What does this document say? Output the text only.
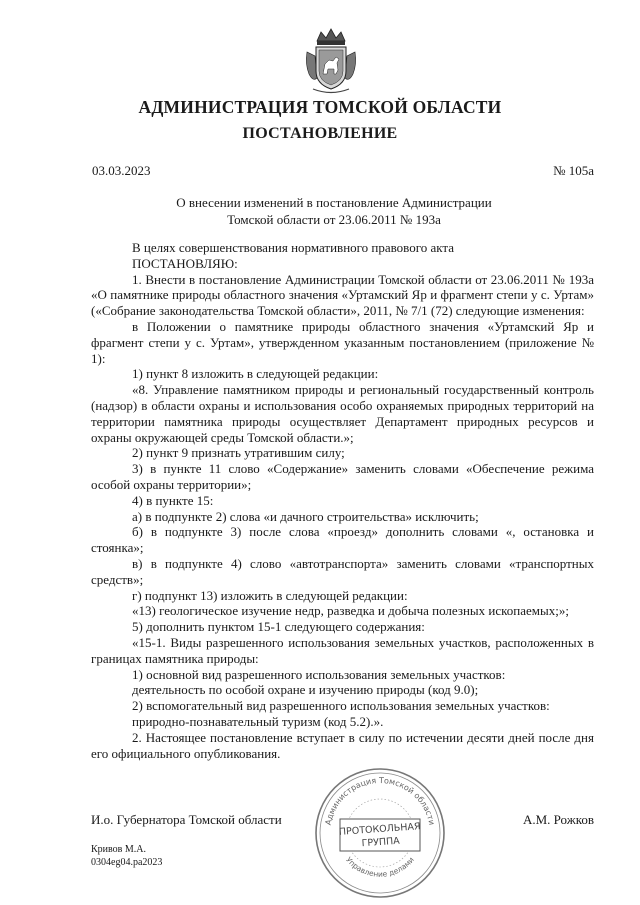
АДМИНИСТРАЦИЯ ТОМСКОЙ ОБЛАСТИ
ПОСТАНОВЛЕНИЕ
03.03.2023	№ 105а
О внесении изменений в постановление Администрации
Томской области от 23.06.2011 № 193а

В целях совершенствования нормативного правового акта

ПОСТАНОВЛЯЮ:

1. Внести в постановление Администрации Томской области от 23.06.2011 № 193а «О памятнике природы областного значения «Уртамский Яр и фрагмент степи у с. Уртам» («Собрание законодательства Томской области», 2011, № 7/1 (72) следующие изменения:

в Положении о памятнике природы областного значения «Уртамский Яр и фрагмент степи у с. Уртам», утвержденном указанным постановлением (приложение № 1):

1) пункт 8 изложить в следующей редакции:

«8. Управление памятником природы и региональный государственный контроль (надзор) в области охраны и использования особо охраняемых природных территорий на территории памятника природы осуществляет Департамент природных ресурсов и охраны окружающей среды Томской области.»;

2) пункт 9 признать утратившим силу;

3) в пункте 11 слово «Содержание» заменить словами «Обеспечение режима особой охраны территории»;

4) в пункте 15:

а) в подпункте 2) слова «и дачного строительства» исключить;

б) в подпункте 3) после слова «проезд» дополнить словами «, остановка и стоянка»;

в) в подпункте 4) слово «автотранспорта» заменить словами «транспортных средств»;

г) подпункт 13) изложить в следующей редакции:

«13) геологическое изучение недр, разведка и добыча полезных ископаемых;»;

5) дополнить пунктом 15-1 следующего содержания:

«15-1. Виды разрешенного использования земельных участков, расположенных в границах памятника природы:

1) основной вид разрешенного использования земельных участков:

деятельность по особой охране и изучению природы (код 9.0);

2) вспомогательный вид разрешенного использования земельных участков:

природно-познавательный туризм (код 5.2).».

2. Настоящее постановление вступает в силу по истечении десяти дней после дня его официального опубликования.

Администрация Томской области
Управление делами
ПРОТОКОЛЬНАЯ
ГРУППА
И.о. Губернатора Томской области	А.М. Рожков
Кривов М.А.
0304eg04.pa2023
